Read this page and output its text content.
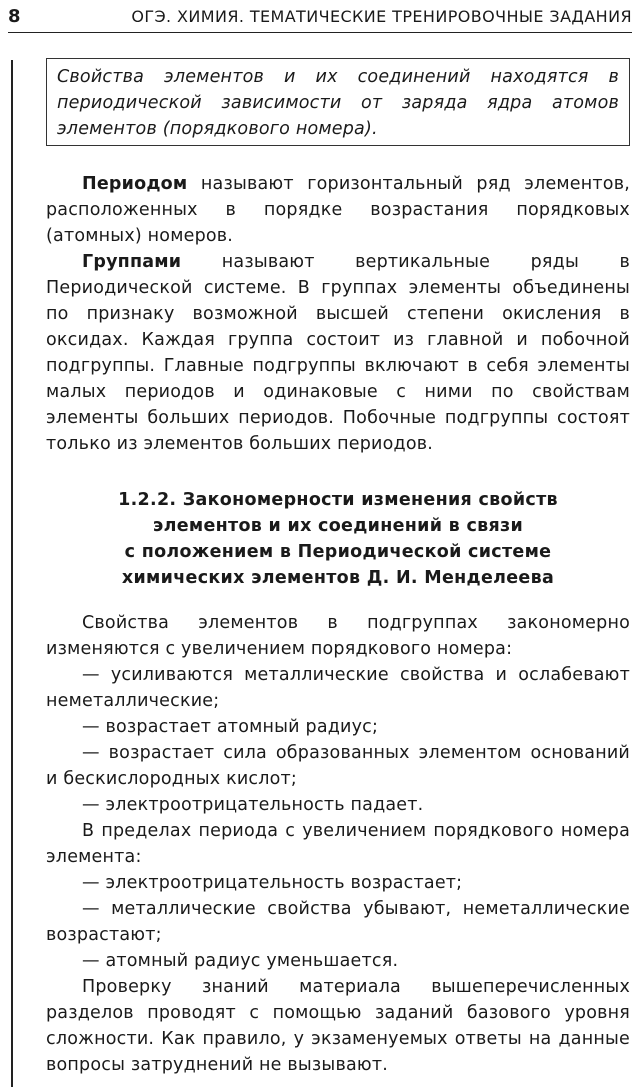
8	ОГЭ. ХИМИЯ. ТЕМАТИЧЕСКИЕ ТРЕНИРОВОЧНЫЕ ЗАДАНИЯ
Свойства элементов и их соединений находятся в периодической зависимости от заряда ядра атомов элементов (порядкового номера).

Периодом называют горизонтальный ряд элементов, расположенных в порядке возрастания порядковых (атомных) номеров.

Группами называют вертикальные ряды в Периодической системе. В группах элементы объединены по признаку возможной высшей степени окисления в оксидах. Каждая группа состоит из главной и побочной подгруппы. Главные подгруппы включают в себя элементы малых периодов и одинаковые с ними по свойствам элементы больших периодов. Побочные подгруппы состоят только из элементов больших периодов.

1.2.2. Закономерности изменения свойств
элементов и их соединений в связи
с положением в Периодической системе
химических элементов Д. И. Менделеева

Свойства элементов в подгруппах закономерно изменяются с увеличением порядкового номера:

— усиливаются металлические свойства и ослабевают неметаллические;

— возрастает атомный радиус;

— возрастает сила образованных элементом оснований и бескислородных кислот;

— электроотрицательность падает.

В пределах периода с увеличением порядкового номера элемента:

— электроотрицательность возрастает;

— металлические свойства убывают, неметаллические возрастают;

— атомный радиус уменьшается.

Проверку знаний материала вышеперечисленных разделов проводят с помощью заданий базового уровня сложности. Как правило, у экзаменуемых ответы на данные вопросы затруднений не вызывают.
